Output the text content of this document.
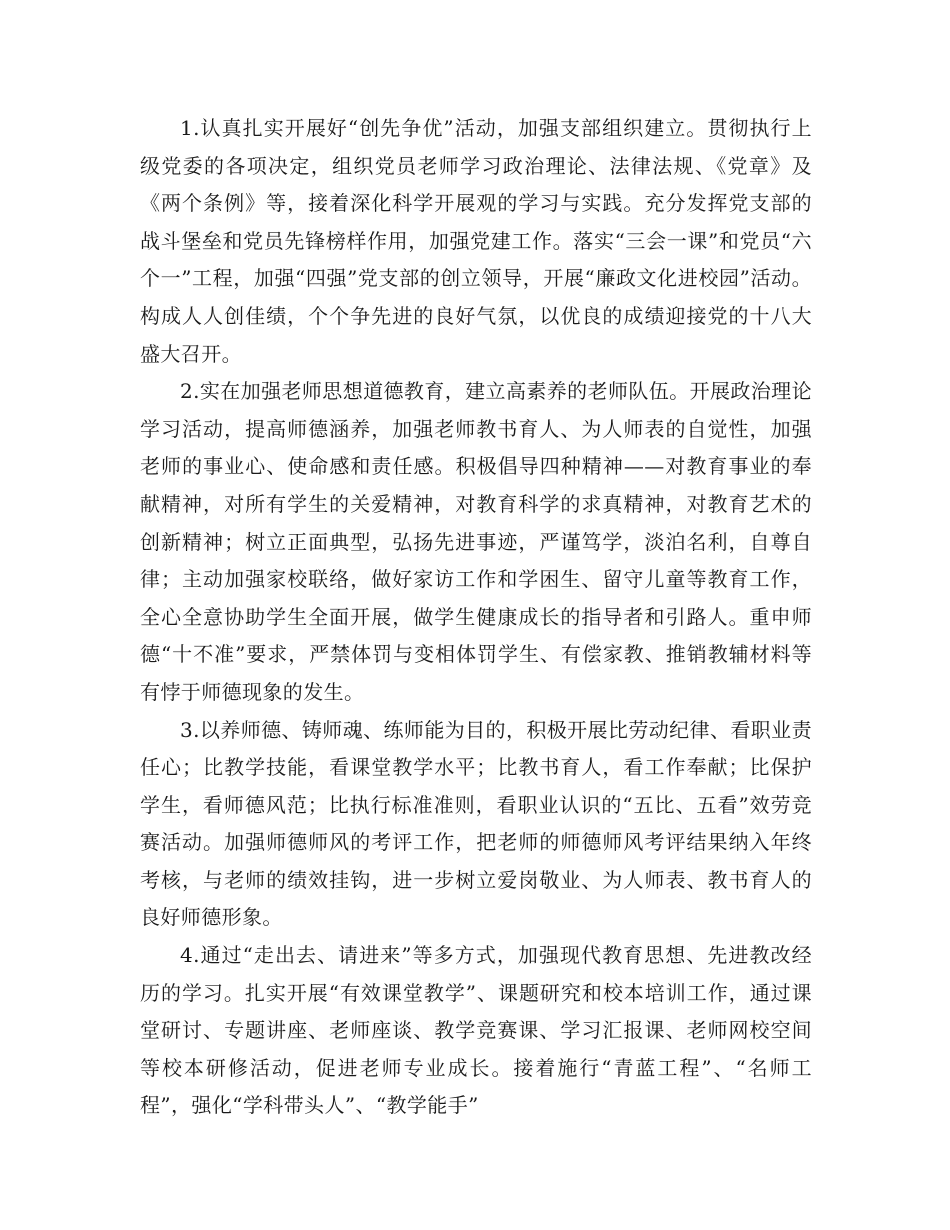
1.认真扎实开展好“创先争优”活动，加强支部组织建立。贯彻执行上级党委的各项决定，组织党员老师学习政治理论、法律法规、《党章》及《两个条例》等，接着深化科学开展观的学习与实践。充分发挥党支部的战斗堡垒和党员先锋榜样作用，加强党建工作。落实“三会一课”和党员“六个一”工程，加强“四强”党支部的创立领导，开展“廉政文化进校园”活动。构成人人创佳绩，个个争先进的良好气氛，以优良的成绩迎接党的十八大盛大召开。

2.实在加强老师思想道德教育，建立高素养的老师队伍。开展政治理论学习活动，提高师德涵养，加强老师教书育人、为人师表的自觉性，加强老师的事业心、使命感和责任感。积极倡导四种精神——对教育事业的奉献精神，对所有学生的关爱精神，对教育科学的求真精神，对教育艺术的创新精神；树立正面典型，弘扬先进事迹，严谨笃学，淡泊名利，自尊自律；主动加强家校联络，做好家访工作和学困生、留守儿童等教育工作，全心全意协助学生全面开展，做学生健康成长的指导者和引路人。重申师德“十不准”要求，严禁体罚与变相体罚学生、有偿家教、推销教辅材料等有悖于师德现象的发生。

3.以养师德、铸师魂、练师能为目的，积极开展比劳动纪律、看职业责任心；比教学技能，看课堂教学水平；比教书育人，看工作奉献；比保护学生，看师德风范；比执行标准准则，看职业认识的“五比、五看”效劳竞赛活动。加强师德师风的考评工作，把老师的师德师风考评结果纳入年终考核，与老师的绩效挂钩，进一步树立爱岗敬业、为人师表、教书育人的良好师德形象。

4.通过“走出去、请进来”等多方式，加强现代教育思想、先进教改经历的学习。扎实开展“有效课堂教学”、课题研究和校本培训工作，通过课堂研讨、专题讲座、老师座谈、教学竞赛课、学习汇报课、老师网校空间等校本研修活动，促进老师专业成长。接着施行“青蓝工程”、“名师工程”，强化“学科带头人”、“教学能手”
